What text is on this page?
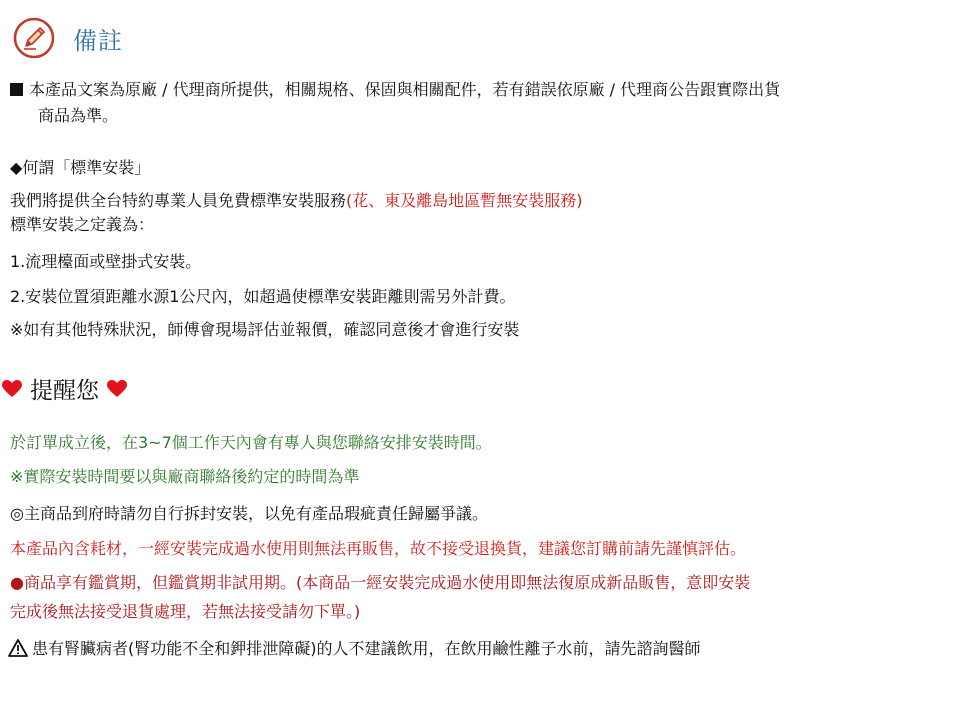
備註
本產品文案為原廠 / 代理商所提供，相關規格、保固與相關配件，若有錯誤依原廠 / 代理商公告跟實際出貨
商品為準。
◆何謂「標準安裝」
我們將提供全台特約專業人員免費標準安裝服務(花、東及離島地區暫無安裝服務)
標準安裝之定義為：
1.流理檯面或壁掛式安裝。
2.安裝位置須距離水源1公尺內，如超過使標準安裝距離則需另外計費。
※如有其他特殊狀況，師傅會現場評估並報價，確認同意後才會進行安裝
提醒您
於訂單成立後，在3~7個工作天內會有專人與您聯絡安排安裝時間。
※實際安裝時間要以與廠商聯絡後約定的時間為準
◎主商品到府時請勿自行拆封安裝，以免有產品瑕疵責任歸屬爭議。
本產品內含耗材，一經安裝完成過水使用則無法再販售，故不接受退換貨，建議您訂購前請先謹慎評估。
●商品享有鑑賞期，但鑑賞期非試用期。(本商品一經安裝完成過水使用即無法復原成新品販售，意即安裝
完成後無法接受退貨處理，若無法接受請勿下單。)
患有腎臟病者(腎功能不全和鉀排泄障礙)的人不建議飲用，在飲用鹼性離子水前，請先諮詢醫師
